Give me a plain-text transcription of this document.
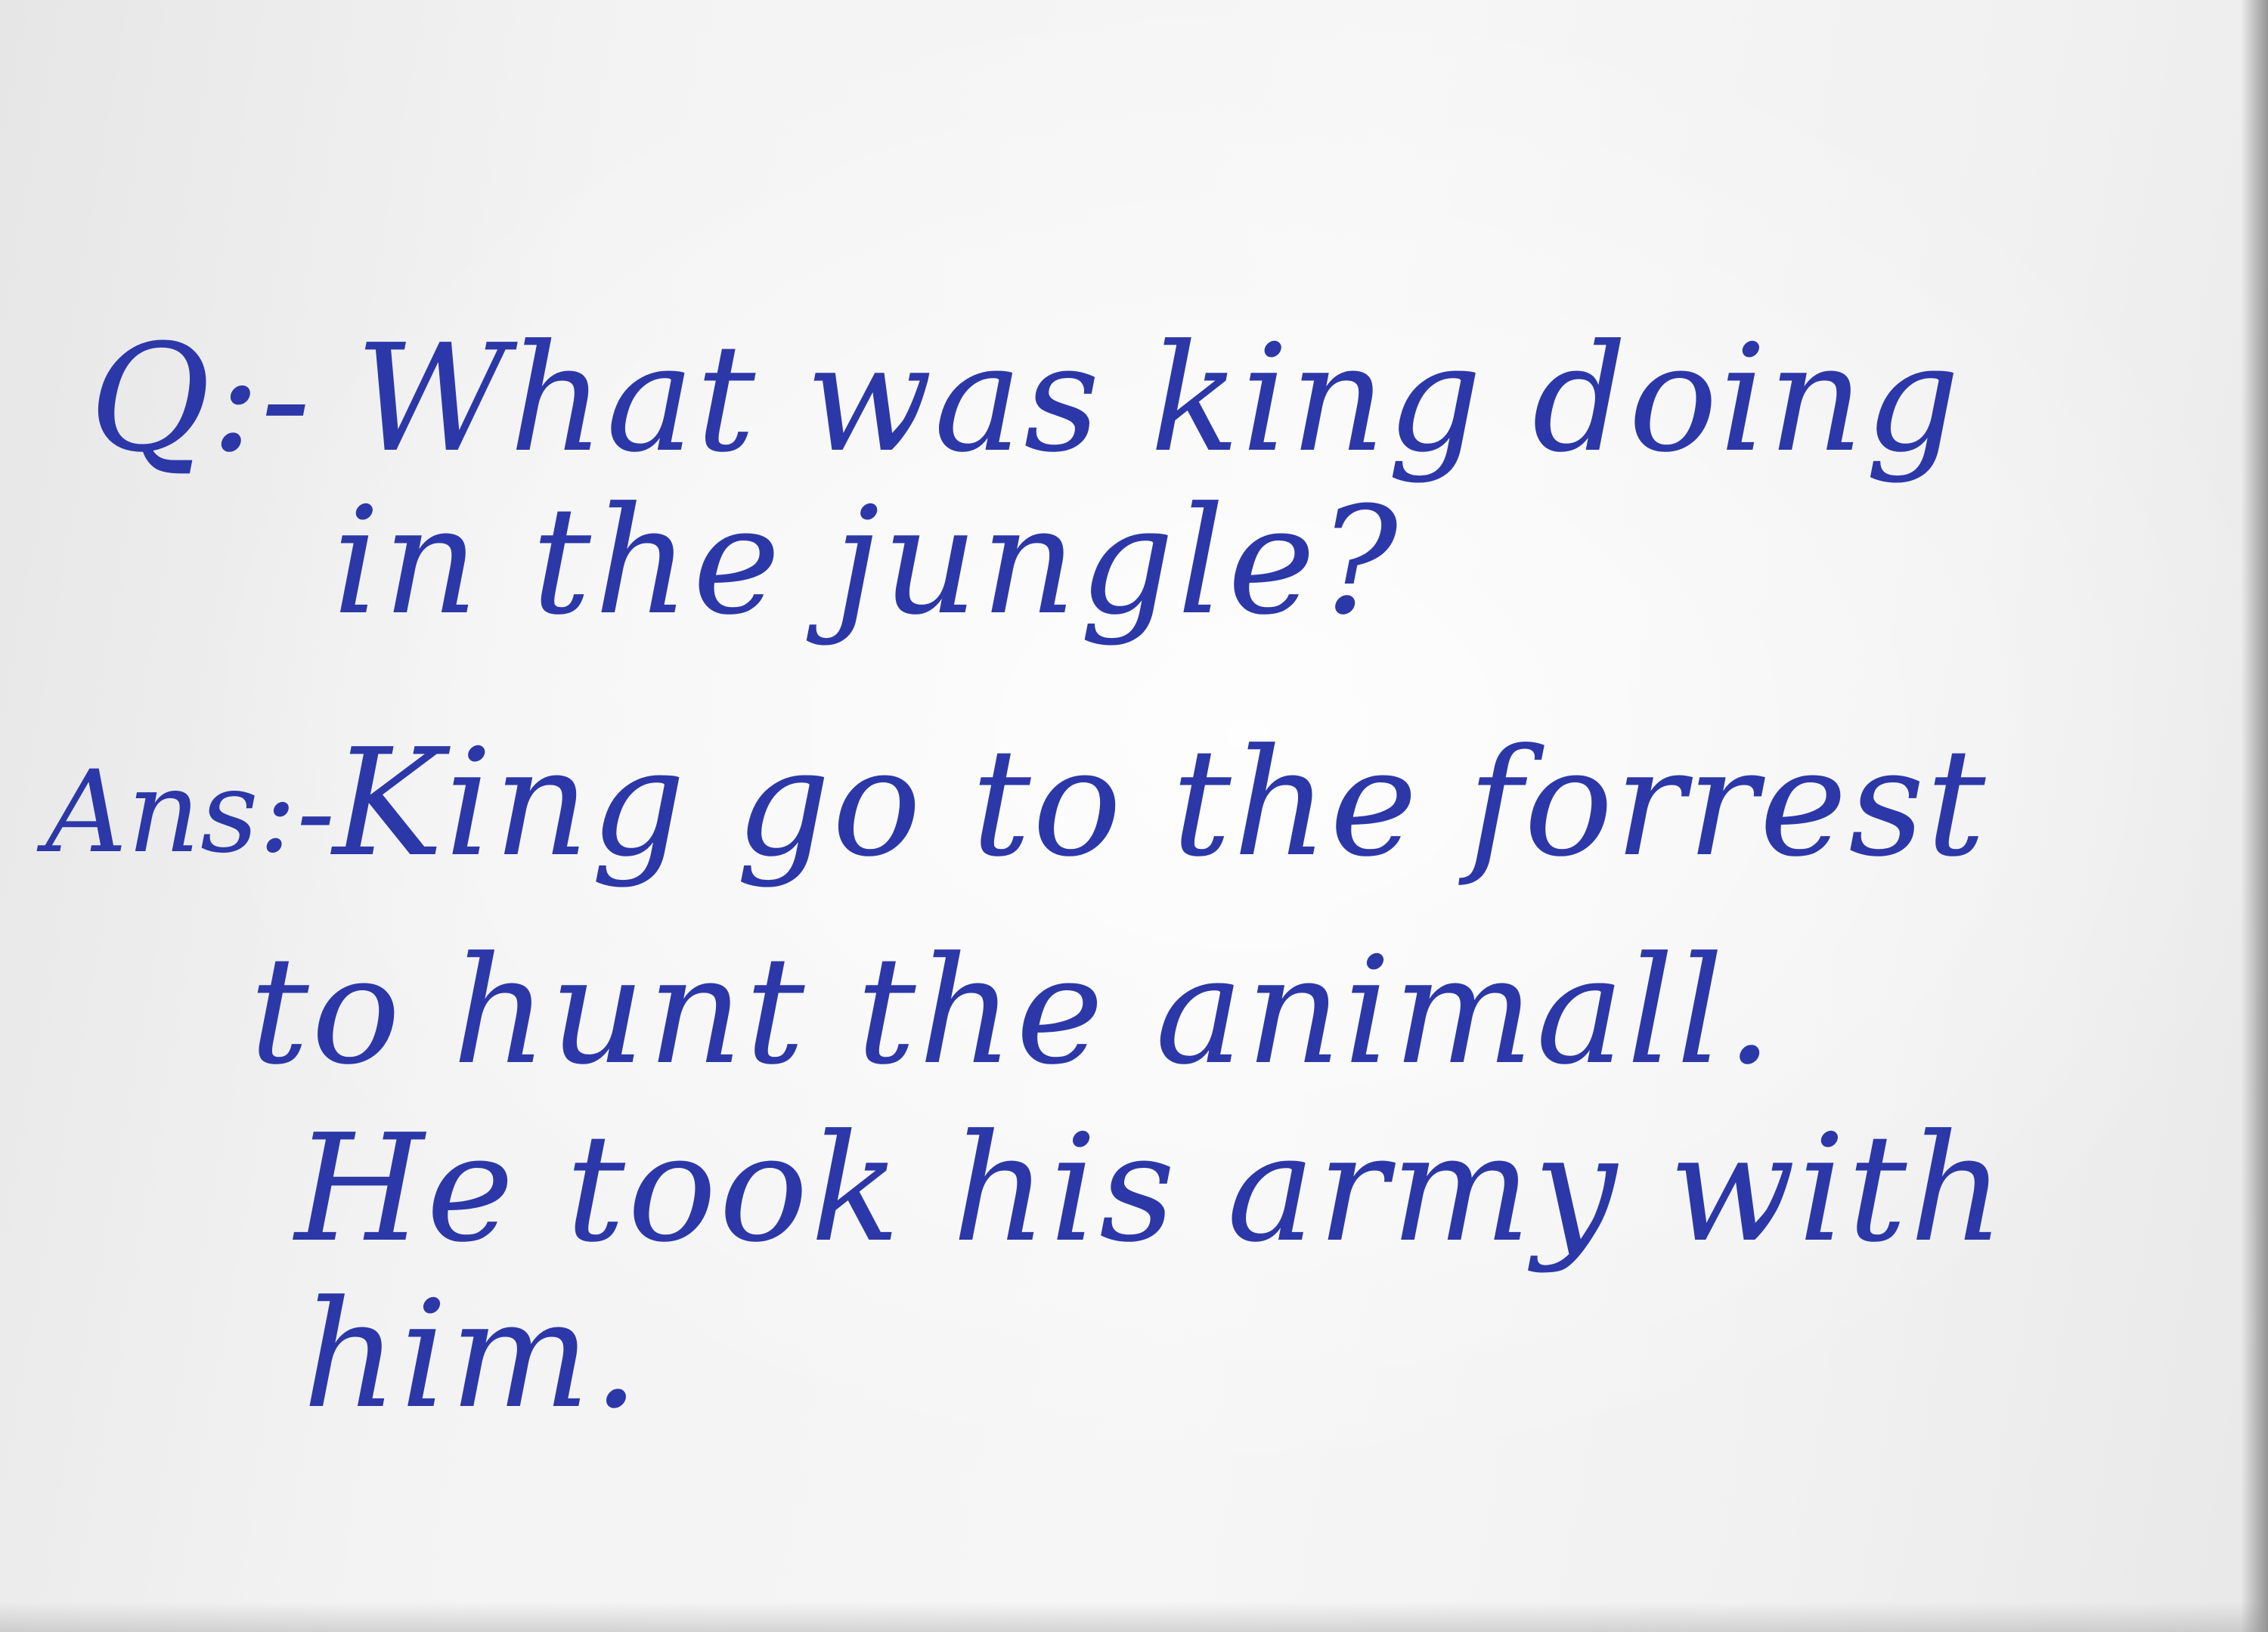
Q:- What was king doing

in the jungle?

Ans:-

King go to the forrest

to hunt the animall.

He took his army with

him.
